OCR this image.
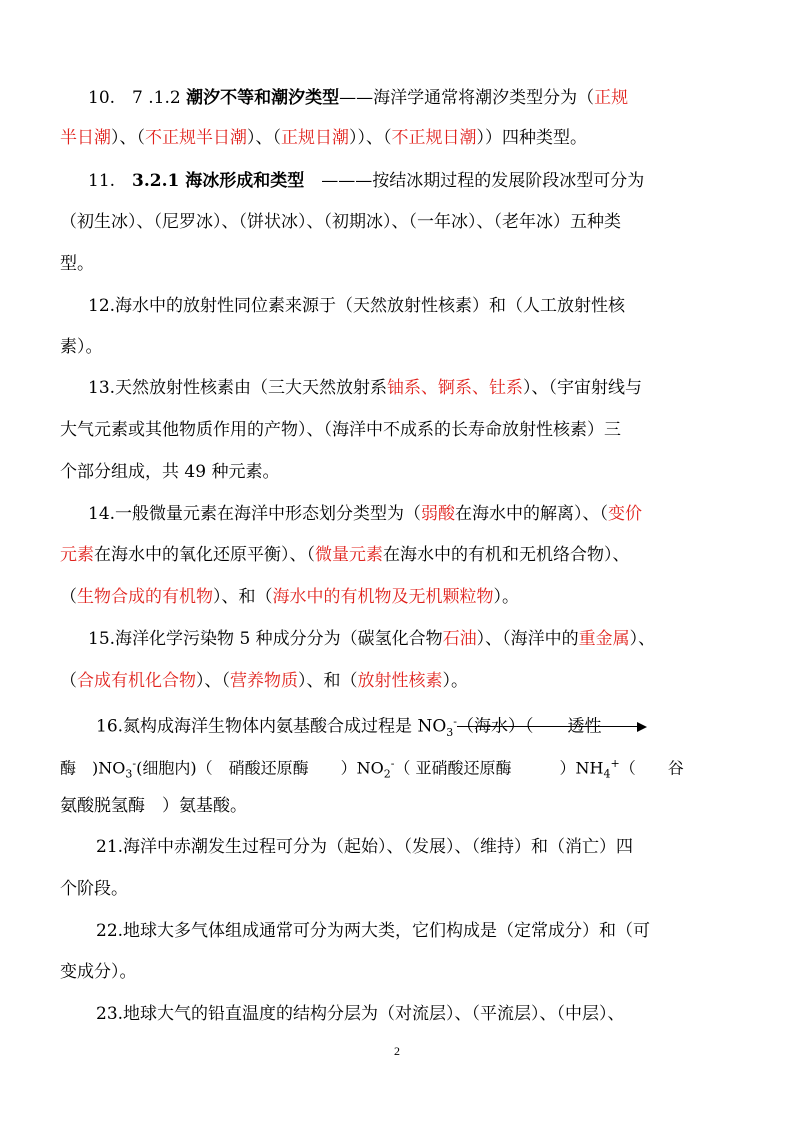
10.　7 .1.2 潮汐不等和潮汐类型——海洋学通常将潮汐类型分为（正规
半日潮）、（不正规半日潮）、（正规日潮））、（不正规日潮））四种类型。
11.　3.2.1 海冰形成和类型　———按结冰期过程的发展阶段冰型可分为
（初生冰）、（尼罗冰）、（饼状冰）、（初期冰）、（一年冰）、（老年冰）五种类
型。
12.海水中的放射性同位素来源于（天然放射性核素）和（人工放射性核
素）。
13.天然放射性核素由（三大天然放射系铀系、锕系、钍系）、（宇宙射线与
大气元素或其他物质作用的产物）、（海洋中不成系的长寿命放射性核素）三
个部分组成，共 49 种元素。
14.一般微量元素在海洋中形态划分类型为（弱酸在海水中的解离）、（变价
元素在海水中的氧化还原平衡）、（微量元素在海水中的有机和无机络合物）、
（生物合成的有机物）、和（海水中的有机物及无机颗粒物）。
15.海洋化学污染物 5 种成分分为（碳氢化合物石油）、（海洋中的重金属）、
（合成有机化合物）、（营养物质）、和（放射性核素）。
16.氮构成海洋生物体内氨基酸合成过程是 $NO_3^-$（海水）（　　透性
酶　)$NO_3^-$(细胞内)（　硝酸还原酶　　）$NO_2^-$（ 亚硝酸还原酶　　　）$NH_4^+$（　　谷
氨酸脱氢酶　）氨基酸。
21.海洋中赤潮发生过程可分为（起始）、（发展）、（维持）和（消亡）四
个阶段。
22.地球大多气体组成通常可分为两大类，它们构成是（定常成分）和（可
变成分）。
23.地球大气的铅直温度的结构分层为（对流层）、（平流层）、（中层）、
2
